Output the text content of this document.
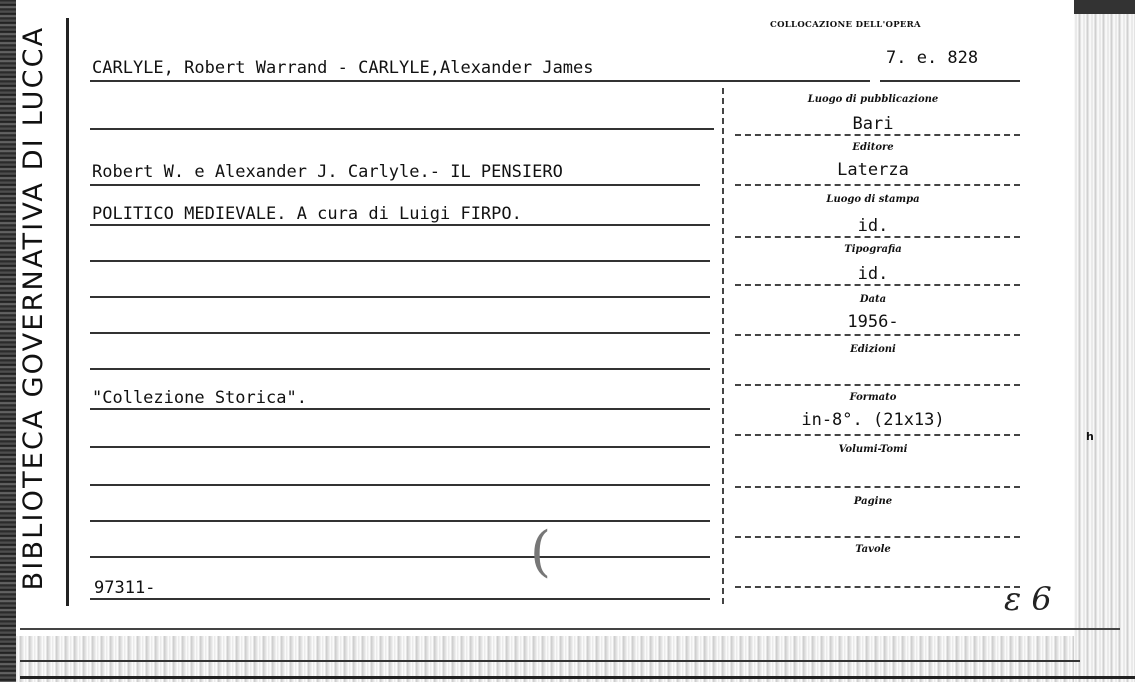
BIBLIOTECA GOVERNATIVA DI LUCCA	h
COLLOCAZIONE DELL'OPERA
CARLYLE, Robert Warrand - CARLYLE,Alexander James	7. e. 828
Robert W. e Alexander J. Carlyle.- IL PENSIERO
POLITICO MEDIEVALE. A cura di Luigi FIRPO.
"Collezione Storica".
97311-
(
Luogo di pubblicazione
Bari
Editore
Laterza
Luogo di stampa
id.
Tipografia
id.
Data
1956-
Edizioni
Formato
in-8°. (21x13)
Volumi-Tomi
Pagine
Tavole
ε 6
